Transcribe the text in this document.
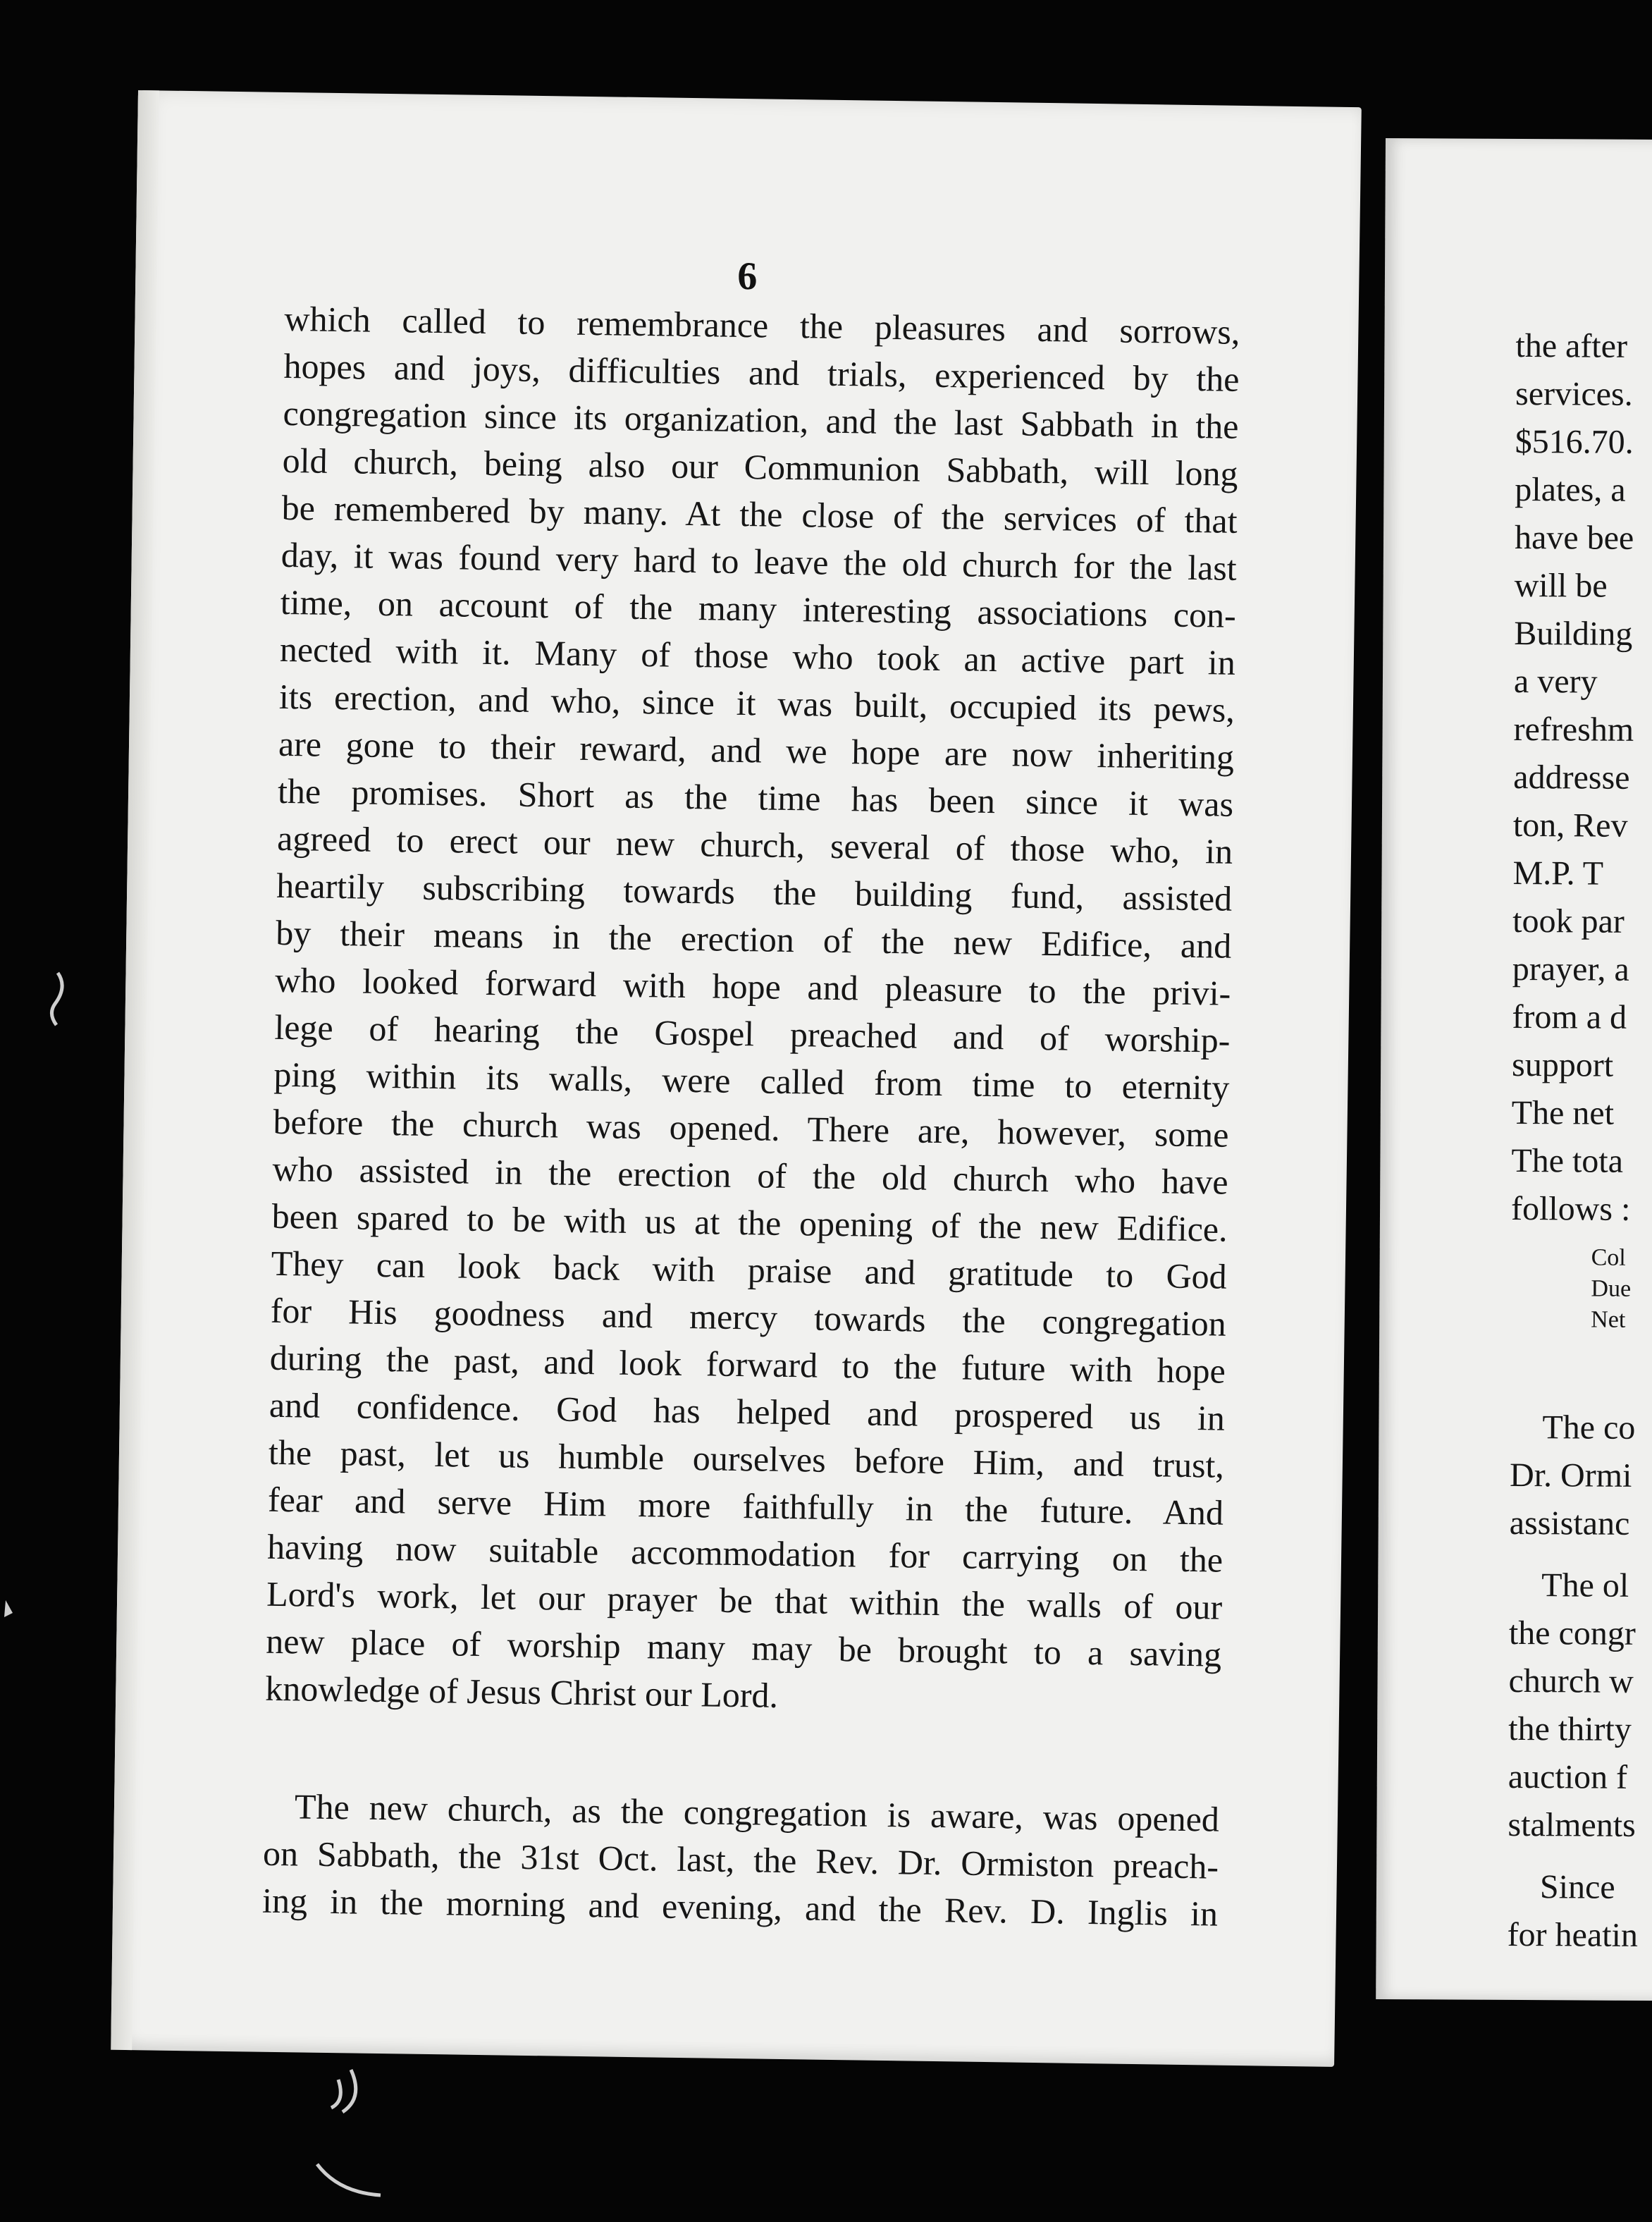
6
which called to remembrance the pleasures and sorrows,
hopes and joys, difficulties and trials, experienced by the
congregation since its organization, and the last Sabbath in the
old church, being also our Communion Sabbath, will long
be remembered by many. At the close of the services of that
day, it was found very hard to leave the old church for the last
time, on account of the many interesting associations con-
nected with it. Many of those who took an active part in
its erection, and who, since it was built, occupied its pews,
are gone to their reward, and we hope are now inheriting
the promises. Short as the time has been since it was
agreed to erect our new church, several of those who, in
heartily subscribing towards the building fund, assisted
by their means in the erection of the new Edifice, and
who looked forward with hope and pleasure to the privi-
lege of hearing the Gospel preached and of worship-
ping within its walls, were called from time to eternity
before the church was opened. There are, however, some
who assisted in the erection of the old church who have
been spared to be with us at the opening of the new Edifice.
They can look back with praise and gratitude to God
for His goodness and mercy towards the congregation
during the past, and look forward to the future with hope
and confidence. God has helped and prospered us in
the past, let us humble ourselves before Him, and trust,
fear and serve Him more faithfully in the future. And
having now suitable accommodation for carrying on the
Lord's work, let our prayer be that within the walls of our
new place of worship many may be brought to a saving
knowledge of Jesus Christ our Lord.
The new church, as the congregation is aware, was opened
on Sabbath, the 31st Oct. last, the Rev. Dr. Ormiston preach-
ing in the morning and evening, and the Rev. D. Inglis in
the after
services.
$516.70.
plates, a
have bee
will be
Building
a very
refreshm
addresse
ton, Rev
M.P. T
took par
prayer, a
from a d
support
The net
The tota
follows :
Col
Due
Net
The co
Dr. Ormi
assistanc
The ol
the congr
church w
the thirty
auction f
stalments
Since
for heatin
